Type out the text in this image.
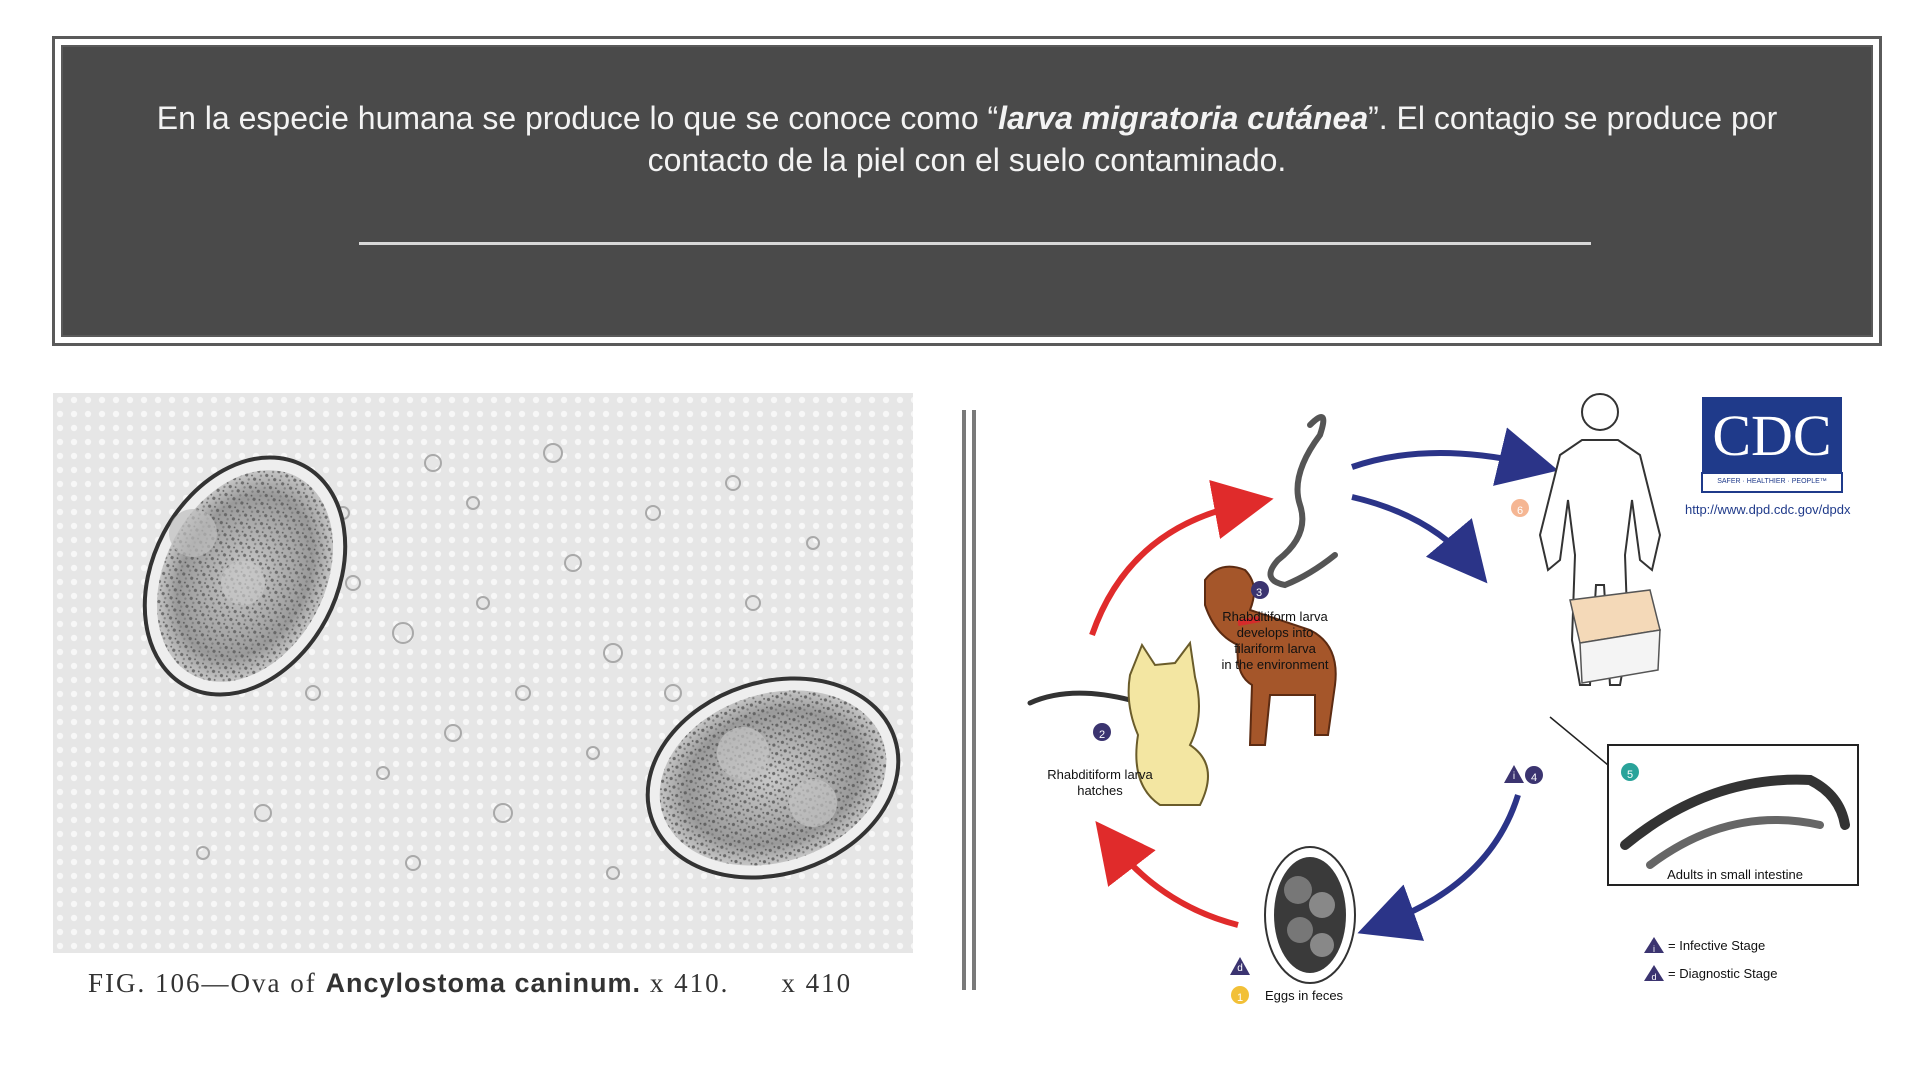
En la especie humana se produce lo que se conoce como “larva migratoria cutánea”. El contagio se produce por contacto de la piel con el suelo contaminado.
FIG. 106—Ova of Ancylostoma caninum. x 410. x 410
CDC
SAFER · HEALTHIER · PEOPLE™
http://www.dpd.cdc.gov/dpdx
3
Rhabditiform larva
develops into
filariform larva
in the environment
2
Rhabditiform larva
hatches
4	5
6
1
i
d
Eggs in feces
Adults in small intestine
i
d
= Infective Stage
= Diagnostic Stage
